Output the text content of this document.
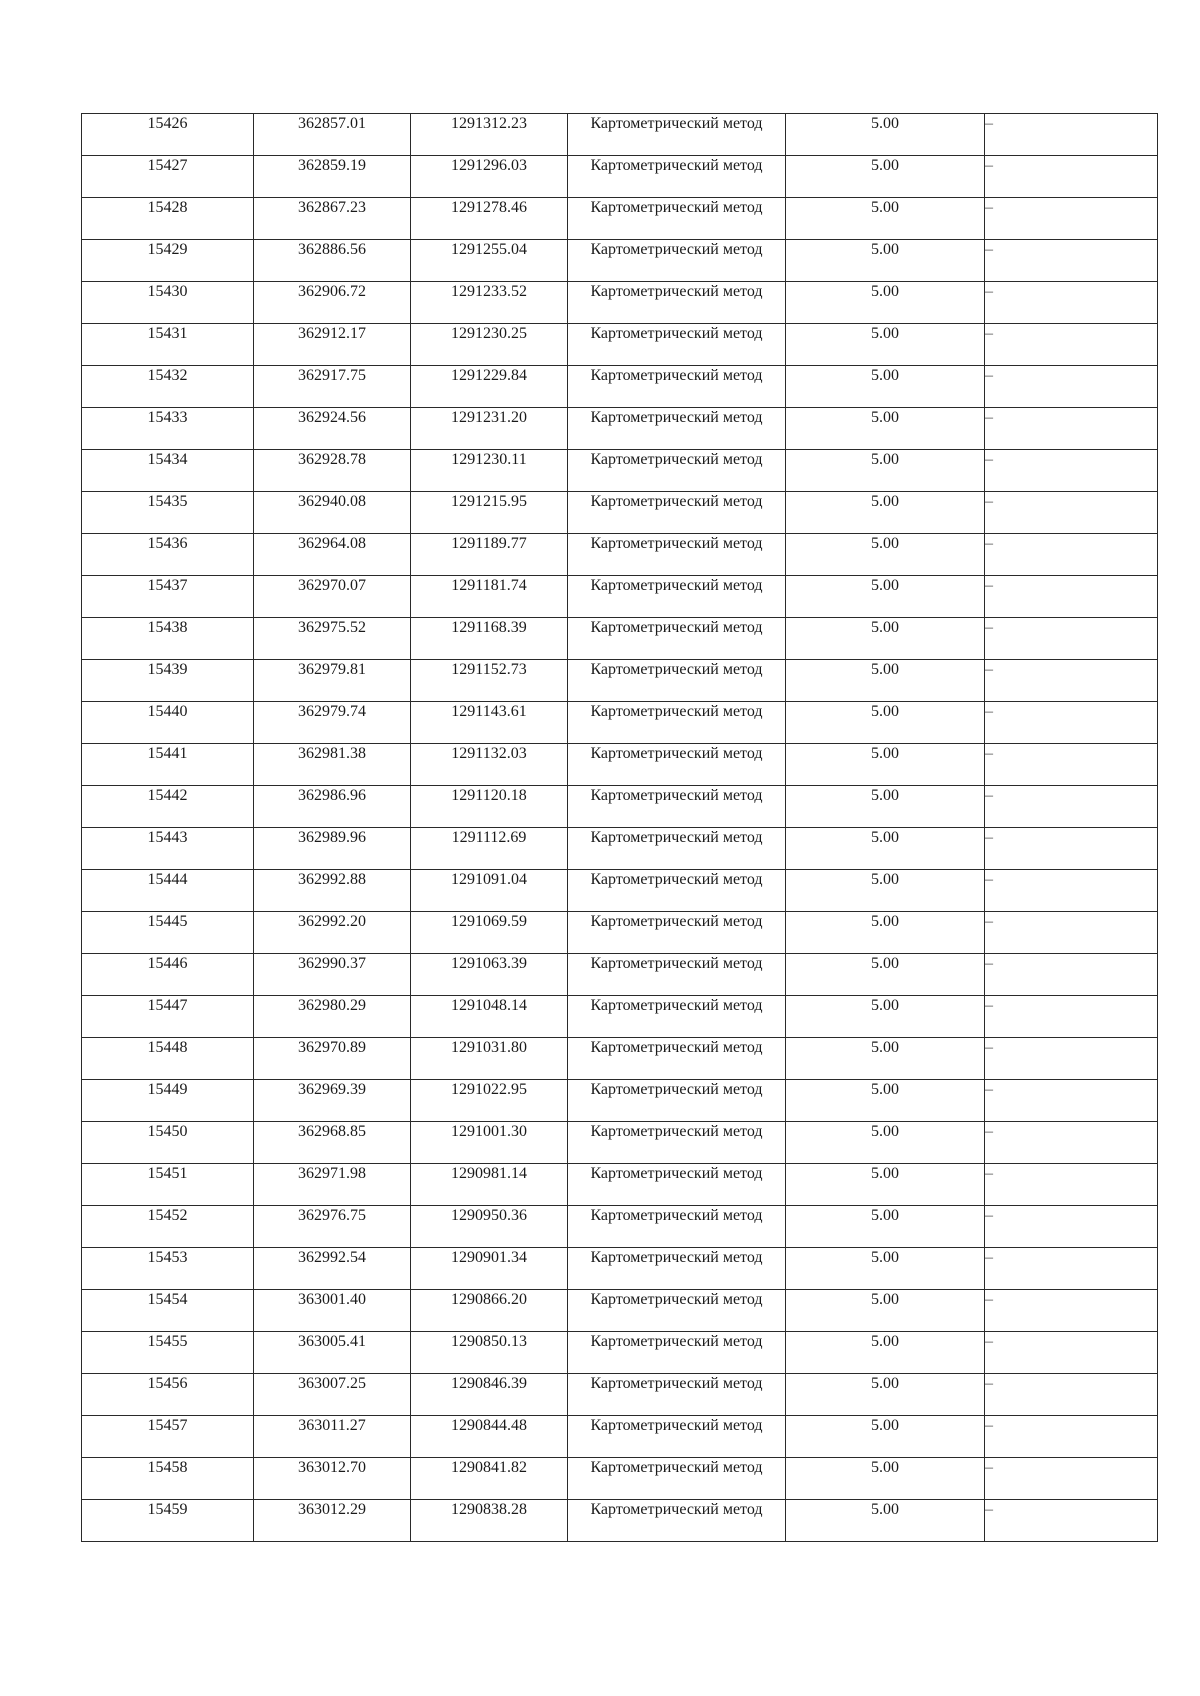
15426	362857.01	1291312.23	Картометрический метод	5.00	–

15427	362859.19	1291296.03	Картометрический метод	5.00	–

15428	362867.23	1291278.46	Картометрический метод	5.00	–

15429	362886.56	1291255.04	Картометрический метод	5.00	–

15430	362906.72	1291233.52	Картометрический метод	5.00	–

15431	362912.17	1291230.25	Картометрический метод	5.00	–

15432	362917.75	1291229.84	Картометрический метод	5.00	–

15433	362924.56	1291231.20	Картометрический метод	5.00	–

15434	362928.78	1291230.11	Картометрический метод	5.00	–

15435	362940.08	1291215.95	Картометрический метод	5.00	–

15436	362964.08	1291189.77	Картометрический метод	5.00	–

15437	362970.07	1291181.74	Картометрический метод	5.00	–

15438	362975.52	1291168.39	Картометрический метод	5.00	–

15439	362979.81	1291152.73	Картометрический метод	5.00	–

15440	362979.74	1291143.61	Картометрический метод	5.00	–

15441	362981.38	1291132.03	Картометрический метод	5.00	–

15442	362986.96	1291120.18	Картометрический метод	5.00	–

15443	362989.96	1291112.69	Картометрический метод	5.00	–

15444	362992.88	1291091.04	Картометрический метод	5.00	–

15445	362992.20	1291069.59	Картометрический метод	5.00	–

15446	362990.37	1291063.39	Картометрический метод	5.00	–

15447	362980.29	1291048.14	Картометрический метод	5.00	–

15448	362970.89	1291031.80	Картометрический метод	5.00	–

15449	362969.39	1291022.95	Картометрический метод	5.00	–

15450	362968.85	1291001.30	Картометрический метод	5.00	–

15451	362971.98	1290981.14	Картометрический метод	5.00	–

15452	362976.75	1290950.36	Картометрический метод	5.00	–

15453	362992.54	1290901.34	Картометрический метод	5.00	–

15454	363001.40	1290866.20	Картометрический метод	5.00	–

15455	363005.41	1290850.13	Картометрический метод	5.00	–

15456	363007.25	1290846.39	Картометрический метод	5.00	–

15457	363011.27	1290844.48	Картометрический метод	5.00	–

15458	363012.70	1290841.82	Картометрический метод	5.00	–

15459	363012.29	1290838.28	Картометрический метод	5.00	–
